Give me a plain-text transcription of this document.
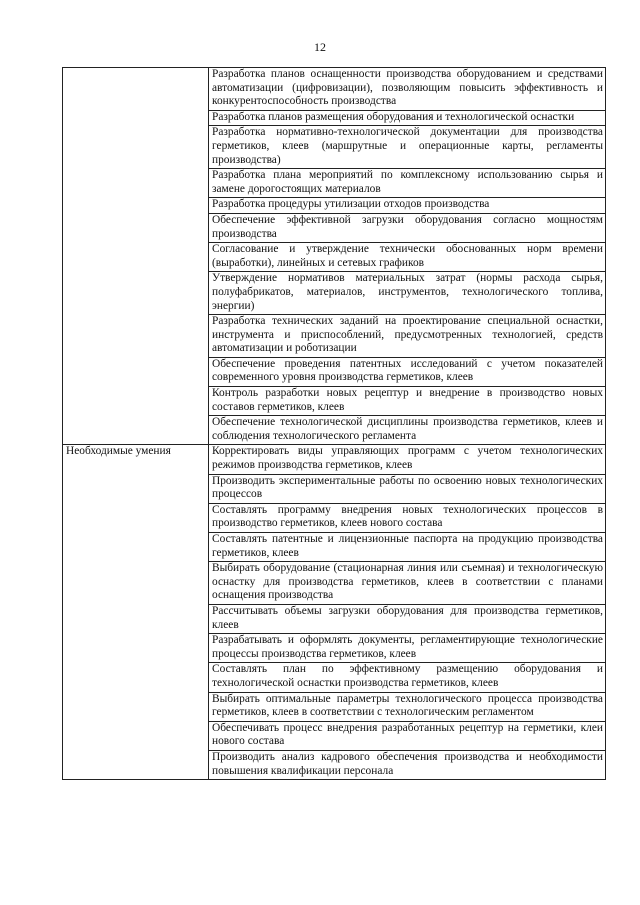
12
	Разработка планов оснащенности производства оборудованием и средствами автоматизации (цифровизации), позволяющим повысить эффективность и конкурентоспособность производства
	Разработка планов размещения оборудования и технологической оснастки
	Разработка нормативно-технологической документации для производства герметиков, клеев (маршрутные и операционные карты, регламенты производства)
	Разработка плана мероприятий по комплексному использованию сырья и замене дорогостоящих материалов
	Разработка процедуры утилизации отходов производства
	Обеспечение эффективной загрузки оборудования согласно мощностям производства
	Согласование и утверждение технически обоснованных норм времени (выработки), линейных и сетевых графиков
	Утверждение нормативов материальных затрат (нормы расхода сырья, полуфабрикатов, материалов, инструментов, технологического топлива, энергии)
	Разработка технических заданий на проектирование специальной оснастки, инструмента и приспособлений, предусмотренных технологией, средств автоматизации и роботизации
	Обеспечение проведения патентных исследований с учетом показателей современного уровня производства герметиков, клеев
	Контроль разработки новых рецептур и внедрение в производство новых составов герметиков, клеев
	Обеспечение технологической дисциплины производства герметиков, клеев и соблюдения технологического регламента
Необходимые умения	Корректировать виды управляющих программ с учетом технологических режимов производства герметиков, клеев
	Производить экспериментальные работы по освоению новых технологических процессов
	Составлять программу внедрения новых технологических процессов в производство герметиков, клеев нового состава
	Составлять патентные и лицензионные паспорта на продукцию производства герметиков, клеев
	Выбирать оборудование (стационарная линия или съемная) и технологическую оснастку для производства герметиков, клеев в соответствии с планами оснащения производства
	Рассчитывать объемы загрузки оборудования для производства герметиков, клеев
	Разрабатывать и оформлять документы, регламентирующие технологические процессы производства герметиков, клеев
	Составлять план по эффективному размещению оборудования и технологической оснастки производства герметиков, клеев
	Выбирать оптимальные параметры технологического процесса производства герметиков, клеев в соответствии с технологическим регламентом
	Обеспечивать процесс внедрения разработанных рецептур на герметики, клеи нового состава
	Производить анализ кадрового обеспечения производства и необходимости повышения квалификации персонала
